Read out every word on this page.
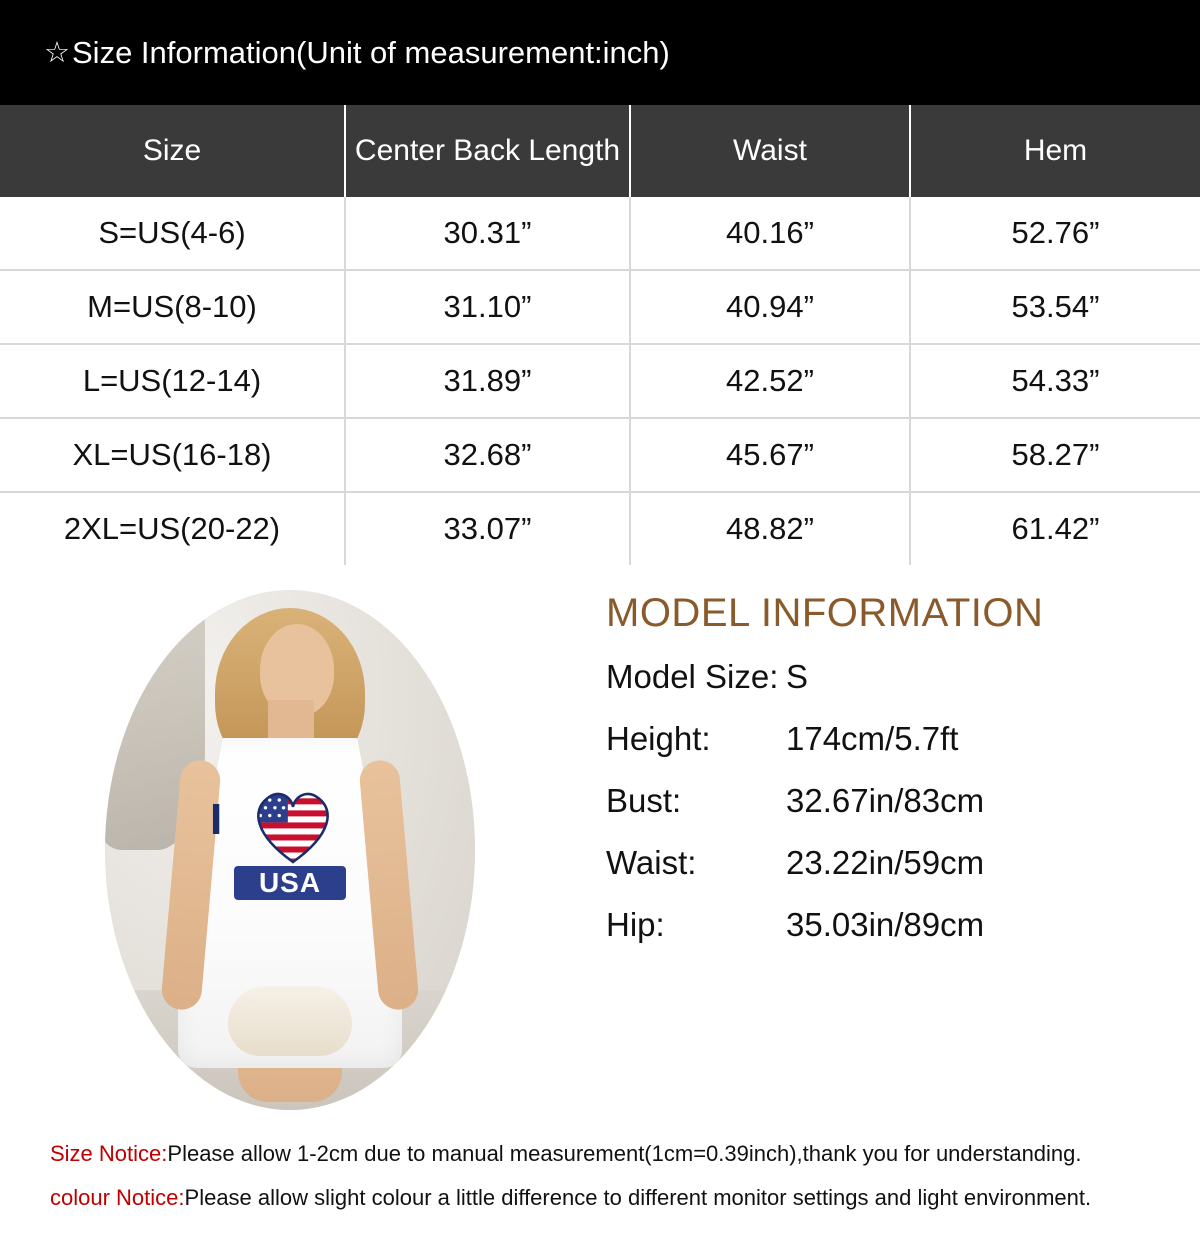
☆ Size Information(Unit of measurement:inch)
Size	Center Back Length	Waist	Hem
S=US(4-6)	30.31”	40.16”	52.76”
M=US(8-10)	31.10”	40.94”	53.54”
L=US(12-14)	31.89”	42.52”	54.33”
XL=US(16-18)	32.68”	45.67”	58.27”
2XL=US(20-22)	33.07”	48.82”	61.42”
I
USA
MODEL INFORMATION
Model Size: S
Height:	174cm/5.7ft
Bust:	32.67in/83cm
Waist:	23.22in/59cm
Hip:	35.03in/89cm
Size Notice:Please allow 1-2cm due to manual measurement(1cm=0.39inch),thank you for understanding.
colour Notice:Please allow slight colour a little difference to different monitor settings and light environment.
